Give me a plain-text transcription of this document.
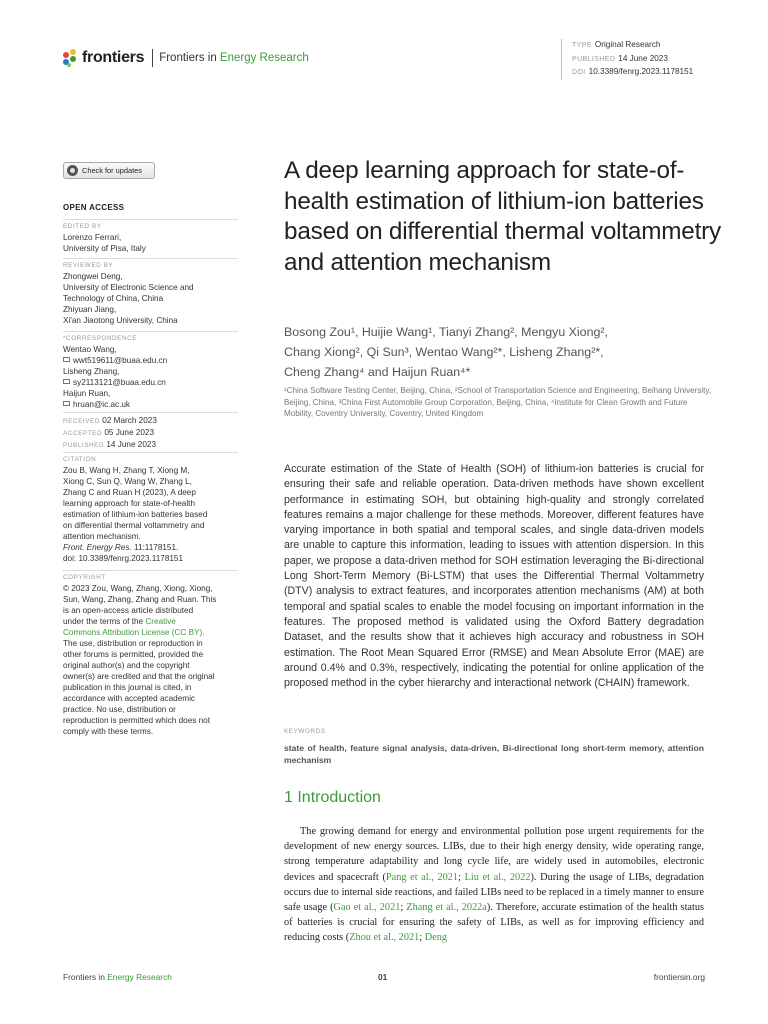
frontiers Frontiers in Energy Research
TYPE Original Research
PUBLISHED 14 June 2023
DOI 10.3389/fenrg.2023.1178151
Check for updates
OPEN ACCESS
EDITED BY
Lorenzo Ferrari,
University of Pisa, Italy
REVIEWED BY
Zhongwei Deng,
University of Electronic Science and
Technology of China, China
Zhiyuan Jiang,
Xi'an Jiaotong University, China
*CORRESPONDENCE
Wentao Wang,
wwt519611@buaa.edu.cn
Lisheng Zhang,
sy2113121@buaa.edu.cn
Haijun Ruan,
hruan@ic.ac.uk
RECEIVED 02 March 2023
ACCEPTED 05 June 2023
PUBLISHED 14 June 2023
CITATION
Zou B, Wang H, Zhang T, Xiong M,
Xiong C, Sun Q, Wang W, Zhang L,
Zhang C and Ruan H (2023), A deep
learning approach for state-of-health
estimation of lithium-ion batteries based
on differential thermal voltammetry and
attention mechanism.
Front. Energy Res. 11:1178151.
doi: 10.3389/fenrg.2023.1178151
COPYRIGHT
© 2023 Zou, Wang, Zhang, Xiong, Xiong,
Sun, Wang, Zhang, Zhang and Ruan. This
is an open-access article distributed
under the terms of the Creative
Commons Attribution License (CC BY).
The use, distribution or reproduction in
other forums is permitted, provided the
original author(s) and the copyright
owner(s) are credited and that the original
publication in this journal is cited, in
accordance with accepted academic
practice. No use, distribution or
reproduction is permitted which does not
comply with these terms.
A deep learning approach for state-of-health estimation of lithium-ion batteries based on differential thermal voltammetry and attention mechanism
Bosong Zou¹, Huijie Wang¹, Tianyi Zhang², Mengyu Xiong²,
Chang Xiong², Qi Sun³, Wentao Wang²*, Lisheng Zhang²*,
Cheng Zhang⁴ and Haijun Ruan⁴*
¹China Software Testing Center, Beijing, China, ²School of Transportation Science and Engineering, Beihang University, Beijing, China, ³China First Automobile Group Corporation, Beijing, China, ⁴Institute for Clean Growth and Future Mobility, Coventry University, Coventry, United Kingdom
Accurate estimation of the State of Health (SOH) of lithium-ion batteries is crucial for ensuring their safe and reliable operation. Data-driven methods have shown excellent performance in estimating SOH, but obtaining high-quality and strongly correlated features remains a major challenge for these methods. Moreover, different features have varying importance in both spatial and temporal scales, and single data-driven models are unable to capture this information, leading to issues with attention dispersion. In this paper, we propose a data-driven method for SOH estimation leveraging the Bi-directional Long Short-Term Memory (Bi-LSTM) that uses the Differential Thermal Voltammetry (DTV) analysis to extract features, and incorporates attention mechanisms (AM) at both temporal and spatial scales to enable the model focusing on important information in the features. The proposed method is validated using the Oxford Battery degradation Dataset, and the results show that it achieves high accuracy and robustness in SOH estimation. The Root Mean Squared Error (RMSE) and Mean Absolute Error (MAE) are around 0.4% and 0.3%, respectively, indicating the potential for online application of the proposed method in the cyber hierarchy and interactional network (CHAIN) framework.
KEYWORDS
state of health, feature signal analysis, data-driven, Bi-directional long short-term memory, attention mechanism
1 Introduction
The growing demand for energy and environmental pollution pose urgent requirements for the development of new energy sources. LIBs, due to their high energy density, wide operating range, strong temperature adaptability and long cycle life, are widely used in automobiles, electronic devices and spacecraft (Pang et al., 2021; Liu et al., 2022). During the usage of LIBs, degradation occurs due to internal side reactions, and failed LIBs need to be replaced in a timely manner to ensure safe usage (Gao et al., 2021; Zhang et al., 2022a). Therefore, accurate estimation of the health status of batteries is crucial for ensuring the safety of LIBs, as well as for improving efficiency and reducing costs (Zhou et al., 2021; Deng
Frontiers in Energy Research	01	frontiersin.org
